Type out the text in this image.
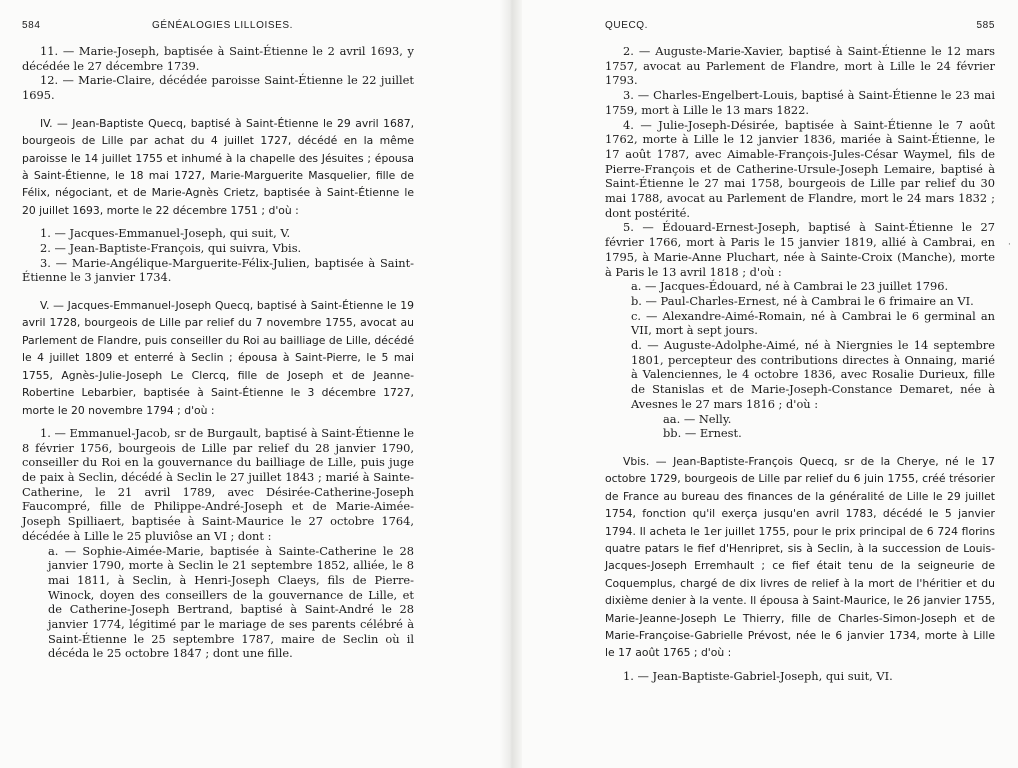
584	GÉNÉALOGIES LILLOISES.

11. — Marie-Joseph, baptisée à Saint-Étienne le 2 avril 1693, y décédée le 27 décembre 1739.

12. — Marie-Claire, décédée paroisse Saint-Étienne le 22 juillet 1695.

IV. — Jean-Baptiste Quecq, baptisé à Saint-Étienne le 29 avril 1687, bourgeois de Lille par achat du 4 juillet 1727, décédé en la même paroisse le 14 juillet 1755 et inhumé à la chapelle des Jésuites ; épousa à Saint-Étienne, le 18 mai 1727, Marie-Marguerite Masquelier, fille de Félix, négociant, et de Marie-Agnès Crietz, baptisée à Saint-Étienne le 20 juillet 1693, morte le 22 décembre 1751 ; d'où :

1. — Jacques-Emmanuel-Joseph, qui suit, V.

2. — Jean-Baptiste-François, qui suivra, Vbis.

3. — Marie-Angélique-Marguerite-Félix-Julien, baptisée à Saint-Étienne le 3 janvier 1734.

V. — Jacques-Emmanuel-Joseph Quecq, baptisé à Saint-Étienne le 19 avril 1728, bourgeois de Lille par relief du 7 novembre 1755, avocat au Parlement de Flandre, puis conseiller du Roi au bailliage de Lille, décédé le 4 juillet 1809 et enterré à Seclin ; épousa à Saint-Pierre, le 5 mai 1755, Agnès-Julie-Joseph Le Clercq, fille de Joseph et de Jeanne-Robertine Lebarbier, baptisée à Saint-Étienne le 3 décembre 1727, morte le 20 novembre 1794 ; d'où :

1. — Emmanuel-Jacob, sr de Burgault, baptisé à Saint-Étienne le 8 février 1756, bourgeois de Lille par relief du 28 janvier 1790, conseiller du Roi en la gouvernance du bailliage de Lille, puis juge de paix à Seclin, décédé à Seclin le 27 juillet 1843 ; marié à Sainte-Catherine, le 21 avril 1789, avec Désirée-Catherine-Joseph Faucompré, fille de Philippe-André-Joseph et de Marie-Aimée-Joseph Spilliaert, baptisée à Saint-Maurice le 27 octobre 1764, décédée à Lille le 25 pluviôse an VI ; dont :

a. — Sophie-Aimée-Marie, baptisée à Sainte-Catherine le 28 janvier 1790, morte à Seclin le 21 septembre 1852, alliée, le 8 mai 1811, à Seclin, à Henri-Joseph Claeys, fils de Pierre-Winock, doyen des conseillers de la gouvernance de Lille, et de Catherine-Joseph Bertrand, baptisé à Saint-André le 28 janvier 1774, légitimé par le mariage de ses parents célébré à Saint-Étienne le 25 septembre 1787, maire de Seclin où il décéda le 25 octobre 1847 ; dont une fille.

QUECQ.	585

2. — Auguste-Marie-Xavier, baptisé à Saint-Étienne le 12 mars 1757, avocat au Parlement de Flandre, mort à Lille le 24 février 1793.

3. — Charles-Engelbert-Louis, baptisé à Saint-Étienne le 23 mai 1759, mort à Lille le 13 mars 1822.

4. — Julie-Joseph-Désirée, baptisée à Saint-Étienne le 7 août 1762, morte à Lille le 12 janvier 1836, mariée à Saint-Étienne, le 17 août 1787, avec Aimable-François-Jules-César Waymel, fils de Pierre-François et de Catherine-Ursule-Joseph Lemaire, baptisé à Saint-Étienne le 27 mai 1758, bourgeois de Lille par relief du 30 mai 1788, avocat au Parlement de Flandre, mort le 24 mars 1832 ; dont postérité.

5. — Édouard-Ernest-Joseph, baptisé à Saint-Étienne le 27 février 1766, mort à Paris le 15 janvier 1819, allié à Cambrai, en 1795, à Marie-Anne Pluchart, née à Sainte-Croix (Manche), morte à Paris le 13 avril 1818 ; d'où :

a. — Jacques-Édouard, né à Cambrai le 23 juillet 1796.

b. — Paul-Charles-Ernest, né à Cambrai le 6 frimaire an VI.

c. — Alexandre-Aimé-Romain, né à Cambrai le 6 germinal an VII, mort à sept jours.

d. — Auguste-Adolphe-Aimé, né à Niergnies le 14 septembre 1801, percepteur des contributions directes à Onnaing, marié à Valenciennes, le 4 octobre 1836, avec Rosalie Durieux, fille de Stanislas et de Marie-Joseph-Constance Demaret, née à Avesnes le 27 mars 1816 ; d'où :

aa. — Nelly.

bb. — Ernest.

Vbis. — Jean-Baptiste-François Quecq, sr de la Cherye, né le 17 octobre 1729, bourgeois de Lille par relief du 6 juin 1755, créé trésorier de France au bureau des finances de la généralité de Lille le 29 juillet 1754, fonction qu'il exerça jusqu'en avril 1783, décédé le 5 janvier 1794. Il acheta le 1er juillet 1755, pour le prix principal de 6 724 florins quatre patars le fief d'Henripret, sis à Seclin, à la succession de Louis-Jacques-Joseph Erremhault ; ce fief était tenu de la seigneurie de Coquemplus, chargé de dix livres de relief à la mort de l'héritier et du dixième denier à la vente. Il épousa à Saint-Maurice, le 26 janvier 1755, Marie-Jeanne-Joseph Le Thierry, fille de Charles-Simon-Joseph et de Marie-Françoise-Gabrielle Prévost, née le 6 janvier 1734, morte à Lille le 17 août 1765 ; d'où :

1. — Jean-Baptiste-Gabriel-Joseph, qui suit, VI.

·
